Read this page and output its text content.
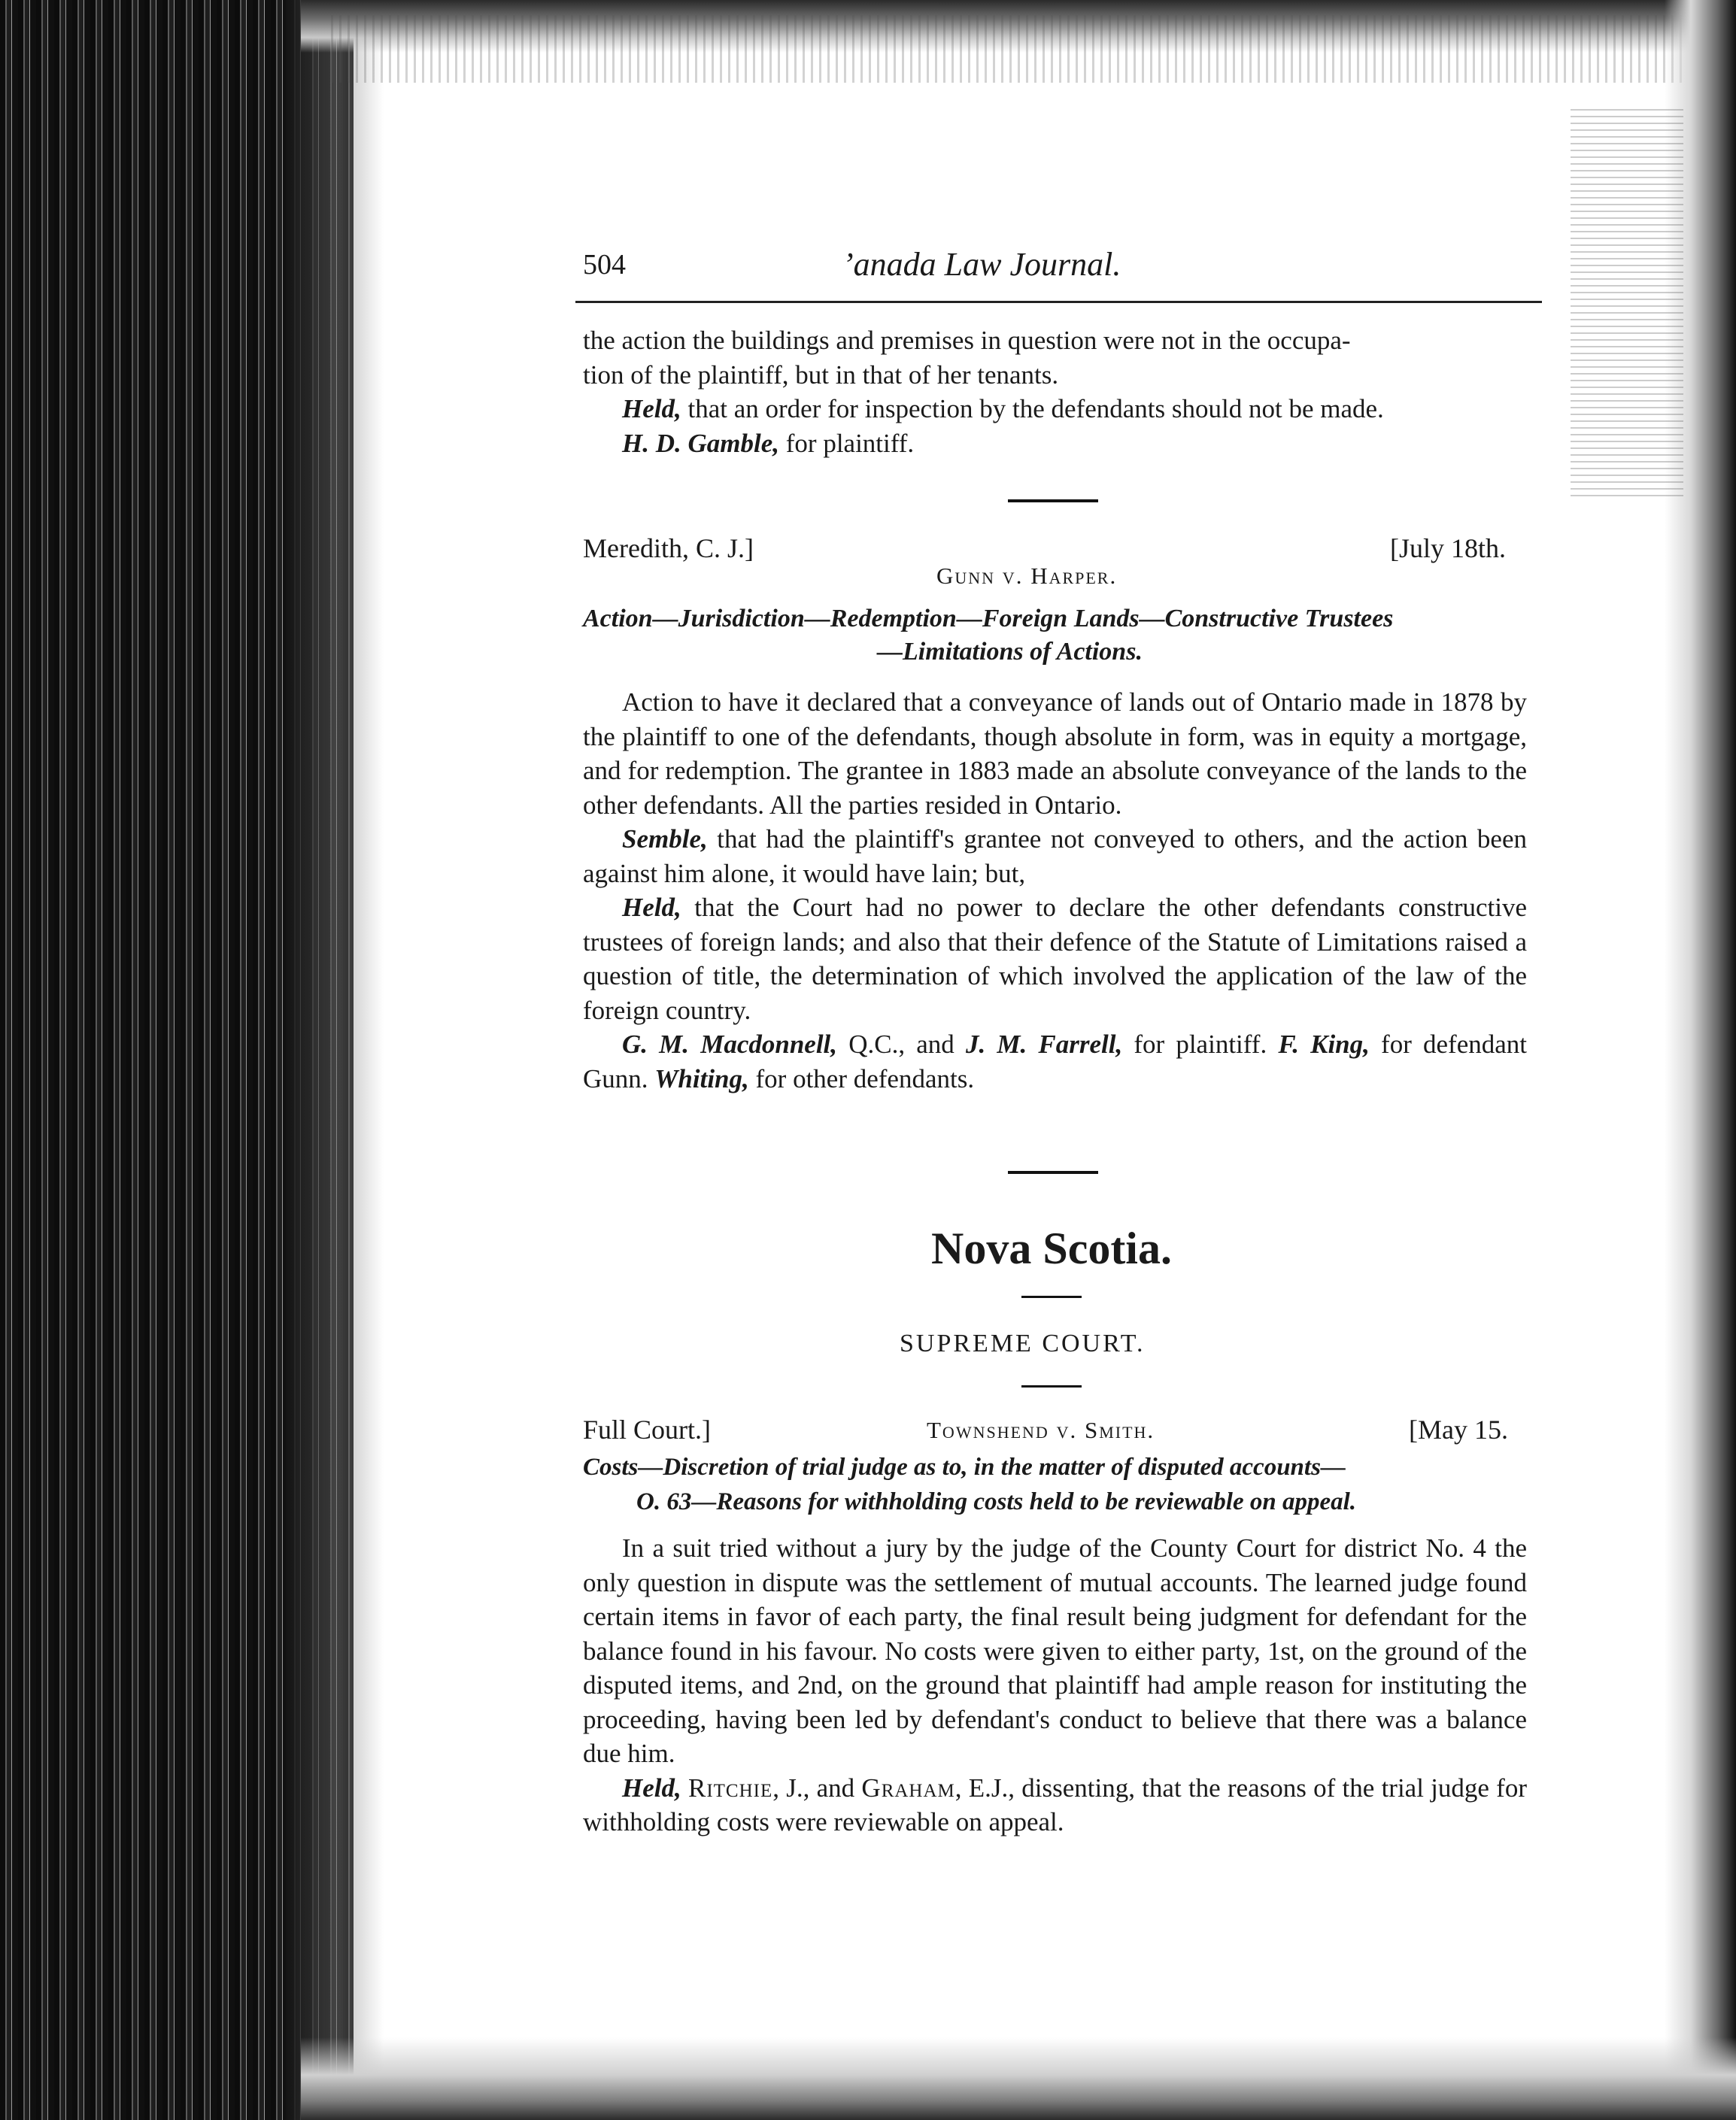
504	’anada Law Journal.

the action the buildings and premises in question were not in the occupa-

tion of the plaintiff, but in that of her tenants.

Held, that an order for inspection by the defendants should not be made.

H. D. Gamble, for plaintiff.

Meredith, C. J.]	[July 18th.
Gunn v. Harper.
Action—Jurisdiction—Redemption—Foreign Lands—Constructive Trustees
—Limitations of Actions.

Action to have it declared that a conveyance of lands out of Ontario made in 1878 by the plaintiff to one of the defendants, though absolute in form, was in equity a mortgage, and for redemption. The grantee in 1883 made an absolute conveyance of the lands to the other defendants. All the parties resided in Ontario.

Semble, that had the plaintiff's grantee not conveyed to others, and the action been against him alone, it would have lain; but,

Held, that the Court had no power to declare the other defendants constructive trustees of foreign lands; and also that their defence of the Statute of Limitations raised a question of title, the determination of which involved the application of the law of the foreign country.

G. M. Macdonnell, Q.C., and J. M. Farrell, for plaintiff. F. King, for defendant Gunn. Whiting, for other defendants.

Nova Scotia.
SUPREME COURT.
Full Court.]	Townshend v. Smith.	[May 15.
Costs—Discretion of trial judge as to, in the matter of disputed accounts—
O. 63—Reasons for withholding costs held to be reviewable on appeal.

In a suit tried without a jury by the judge of the County Court for district No. 4 the only question in dispute was the settlement of mutual accounts. The learned judge found certain items in favor of each party, the final result being judgment for defendant for the balance found in his favour. No costs were given to either party, 1st, on the ground of the disputed items, and 2nd, on the ground that plaintiff had ample reason for instituting the proceeding, having been led by defendant's conduct to believe that there was a balance due him.

Held, Ritchie, J., and Graham, E.J., dissenting, that the reasons of the trial judge for withholding costs were reviewable on appeal.
